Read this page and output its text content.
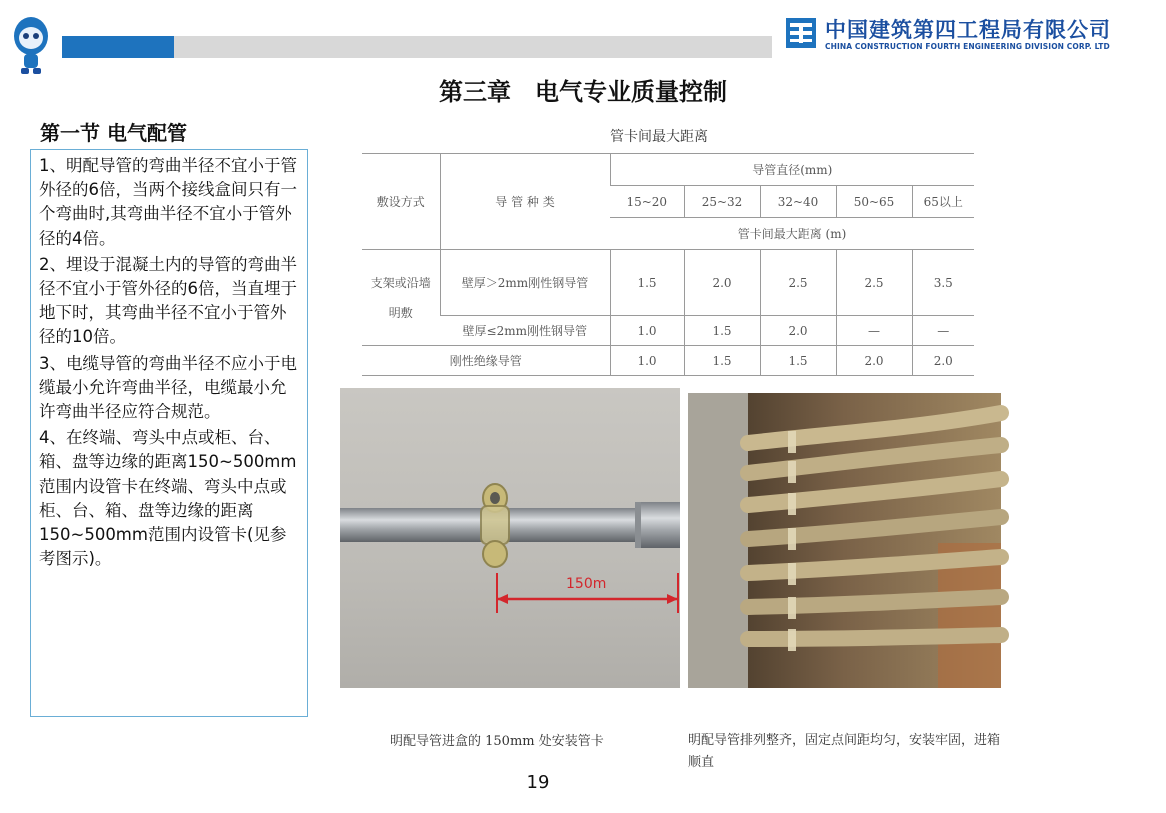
中国建筑第四工程局有限公司
CHINA CONSTRUCTION FOURTH ENGINEERING DIVISION CORP. LTD
第三章　电气专业质量控制
第一节 电气配管

1、明配导管的弯曲半径不宜小于管外径的6倍，当两个接线盒间只有一个弯曲时,其弯曲半径不宜小于管外径的4倍。

2、埋设于混凝土内的导管的弯曲半径不宜小于管外径的6倍，当直埋于地下时，其弯曲半径不宜小于管外径的10倍。

3、电缆导管的弯曲半径不应小于电缆最小允许弯曲半径，电缆最小允许弯曲半径应符合规范。

4、在终端、弯头中点或柜、台、箱、盘等边缘的距离150~500mm范围内设管卡在终端、弯头中点或柜、台、箱、盘等边缘的距离150~500mm范围内设管卡(见参考图示)。

管卡间最大距离
敷设方式	导 管 种 类	导管直径(mm)				
		15~20	25~32	32~40	50~65	65以上
		管卡间最大距离 (m)				
支架或沿墙明敷	壁厚＞2mm刚性钢导管	1.5	2.0	2.5	2.5	3.5
	壁厚≤2mm刚性钢导管	1.0	1.5	2.0	—	—
刚性绝缘导管		1.0	1.5	1.5	2.0	2.0
150m
明配导管进盒的 150mm 处安装管卡	明配导管排列整齐，固定点间距均匀，安装牢固，进箱顺直
19
